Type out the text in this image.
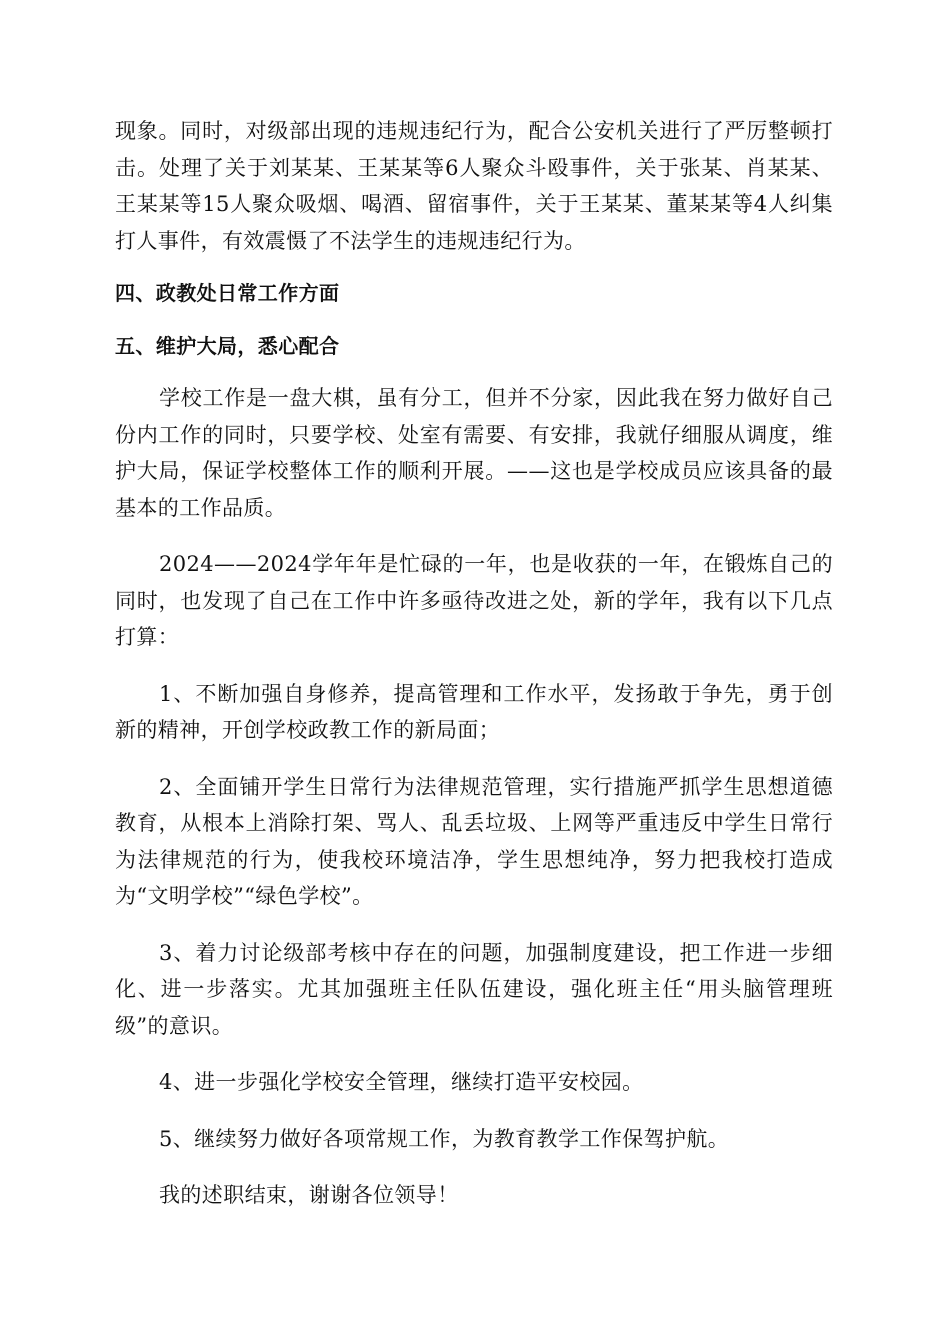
现象。同时，对级部出现的违规违纪行为，配合公安机关进行了严厉整顿打击。处理了关于刘某某、王某某等6人聚众斗殴事件，关于张某、肖某某、王某某等15人聚众吸烟、喝酒、留宿事件，关于王某某、董某某等4人纠集打人事件，有效震慑了不法学生的违规违纪行为。

四、政教处日常工作方面

五、维护大局，悉心配合

学校工作是一盘大棋，虽有分工，但并不分家，因此我在努力做好自己份内工作的同时，只要学校、处室有需要、有安排，我就仔细服从调度，维护大局，保证学校整体工作的顺利开展。——这也是学校成员应该具备的最基本的工作品质。

2024——2024学年年是忙碌的一年，也是收获的一年，在锻炼自己的同时，也发现了自己在工作中许多亟待改进之处，新的学年，我有以下几点打算：

1、不断加强自身修养，提高管理和工作水平，发扬敢于争先，勇于创新的精神，开创学校政教工作的新局面；

2、全面铺开学生日常行为法律规范管理，实行措施严抓学生思想道德教育，从根本上消除打架、骂人、乱丢垃圾、上网等严重违反中学生日常行为法律规范的行为，使我校环境洁净，学生思想纯净，努力把我校打造成为“文明学校”“绿色学校”。

3、着力讨论级部考核中存在的问题，加强制度建设，把工作进一步细化、进一步落实。尤其加强班主任队伍建设，强化班主任“用头脑管理班级”的意识。

4、进一步强化学校安全管理，继续打造平安校园。

5、继续努力做好各项常规工作，为教育教学工作保驾护航。

我的述职结束，谢谢各位领导！
